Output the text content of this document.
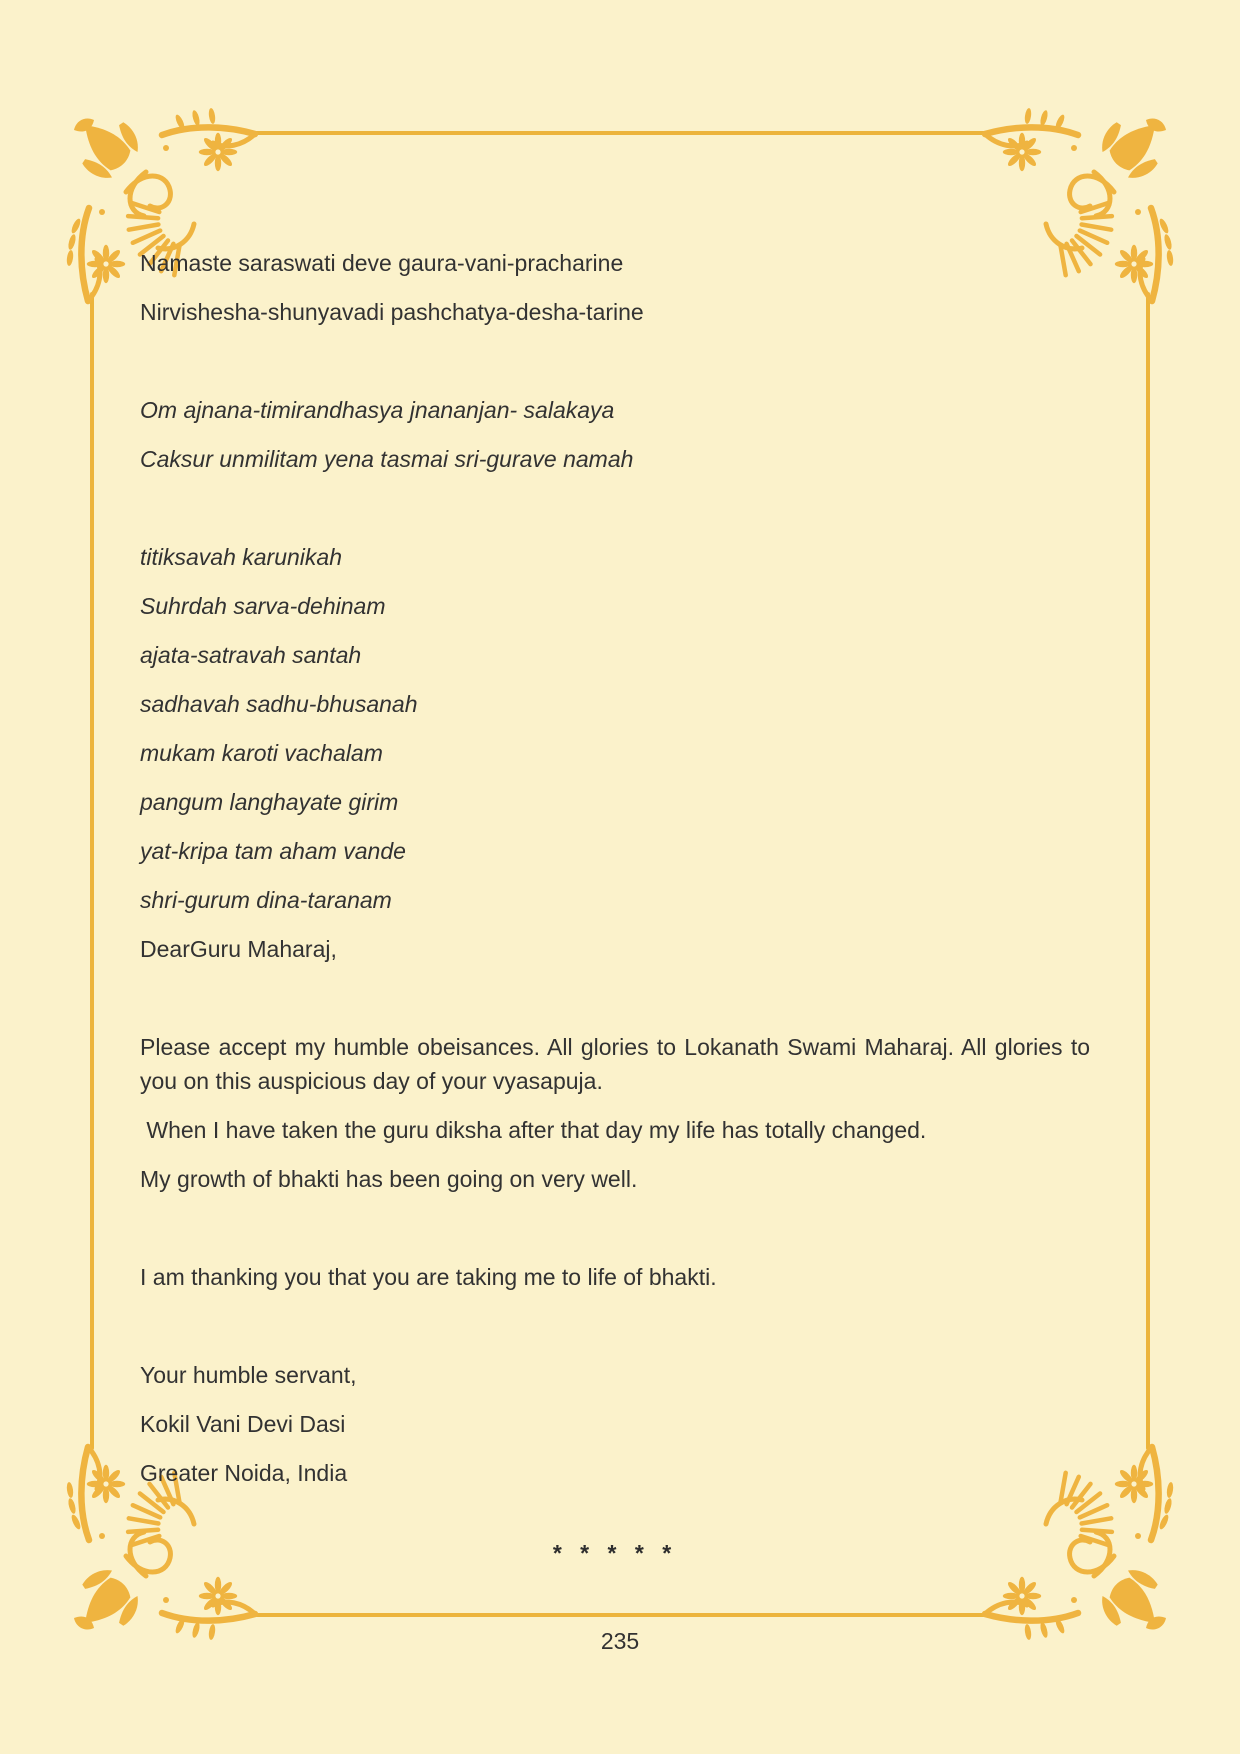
Namaste saraswati deve gaura-vani-pracharine

Nirvishesha-shunyavadi pashchatya-desha-tarine

Om ajnana-timirandhasya jnananjan- salakaya

Caksur unmilitam yena tasmai sri-gurave namah

titiksavah karunikah

Suhrdah sarva-dehinam

ajata-satravah santah

sadhavah sadhu-bhusanah

mukam karoti vachalam

pangum langhayate girim

yat-kripa tam aham vande

shri-gurum dina-taranam

DearGuru Maharaj,

Please accept my humble obeisances. All glories to Lokanath Swami Maharaj. All glories to you on this auspicious day of your vyasapuja.

When I have taken the guru diksha after that day my life has totally changed.

My growth of bhakti has been going on very well.

I am thanking you that you are taking me to life of bhakti.

Your humble servant,

Kokil Vani Devi Dasi

Greater Noida, India

* * * * *

235
